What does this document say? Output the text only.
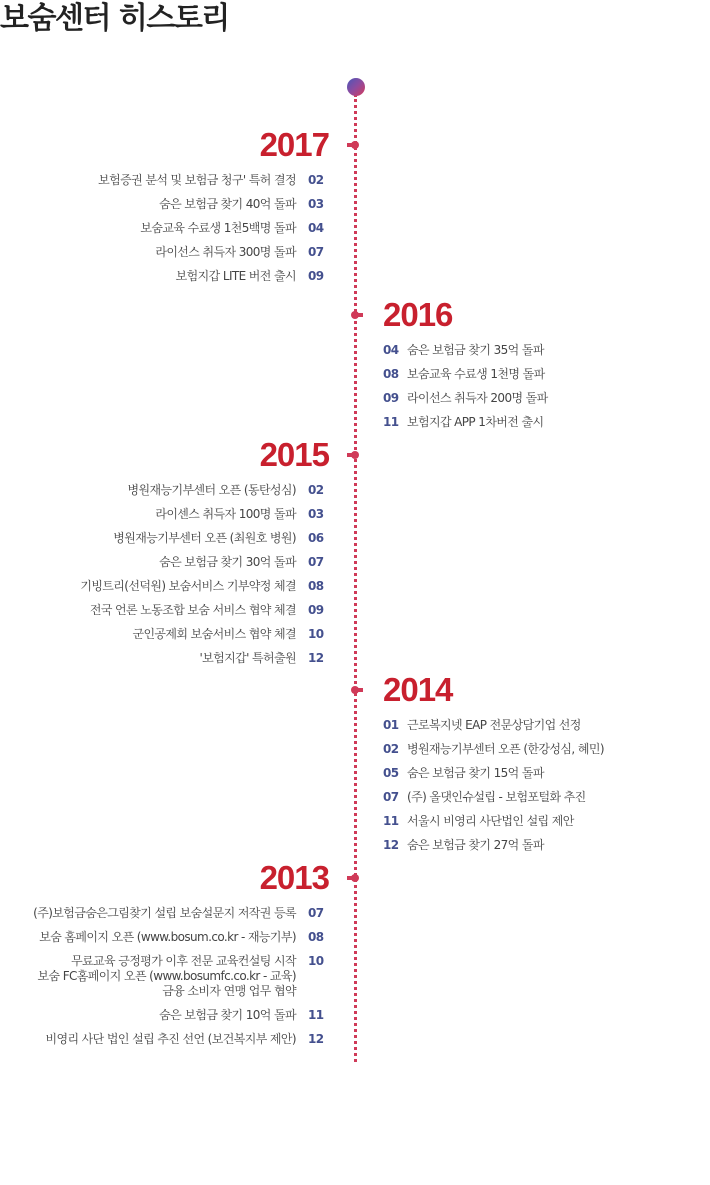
보숨센터 히스토리
2017
보험증권 분석 및 보험금 청구' 특허 결정 02
숨은 보험금 찾기 40억 돌파 03
보숨교육 수료생 1천5백명 돌파 04
라이선스 취득자 300명 돌파 07
보험지갑 LITE 버전 출시 09
2016
04 숨은 보험금 찾기 35억 돌파
08 보숨교육 수료생 1천명 돌파
09 라이선스 취득자 200명 돌파
11 보험지갑 APP 1차버전 출시
2015
병원재능기부센터 오픈 (동탄성심) 02
라이센스 취득자 100명 돌파 03
병원재능기부센터 오픈 (최원호 병원) 06
숨은 보험금 찾기 30억 돌파 07
기빙트리(선덕원) 보숨서비스 기부약정 체결 08
전국 언론 노동조합 보숨 서비스 협약 체결 09
군인공제회 보숨서비스 협약 체결 10
'보험지갑' 특허출원 12
2014
01 근로복지넷 EAP 전문상담기업 선정
02 병원재능기부센터 오픈 (한강성심, 혜민)
05 숨은 보험금 찾기 15억 돌파
07 (주) 올댓인슈설립 - 보험포털화 추진
11 서울시 비영리 사단법인 설립 제안
12 숨은 보험금 찾기 27억 돌파
2013
(주)보험금숨은그림찾기 설립 보숨설문지 저작권 등록 07
보숨 홈페이지 오픈 (www.bosum.co.kr - 재능기부) 08
무료교육 긍정평가 이후 전문 교육컨설팅 시작
보숨 FC홈페이지 오픈 (www.bosumfc.co.kr - 교육)
금융 소비자 연맹 업무 협약
10
숨은 보험금 찾기 10억 돌파 11
비영리 사단 법인 설립 추진 선언 (보건복지부 제안) 12
